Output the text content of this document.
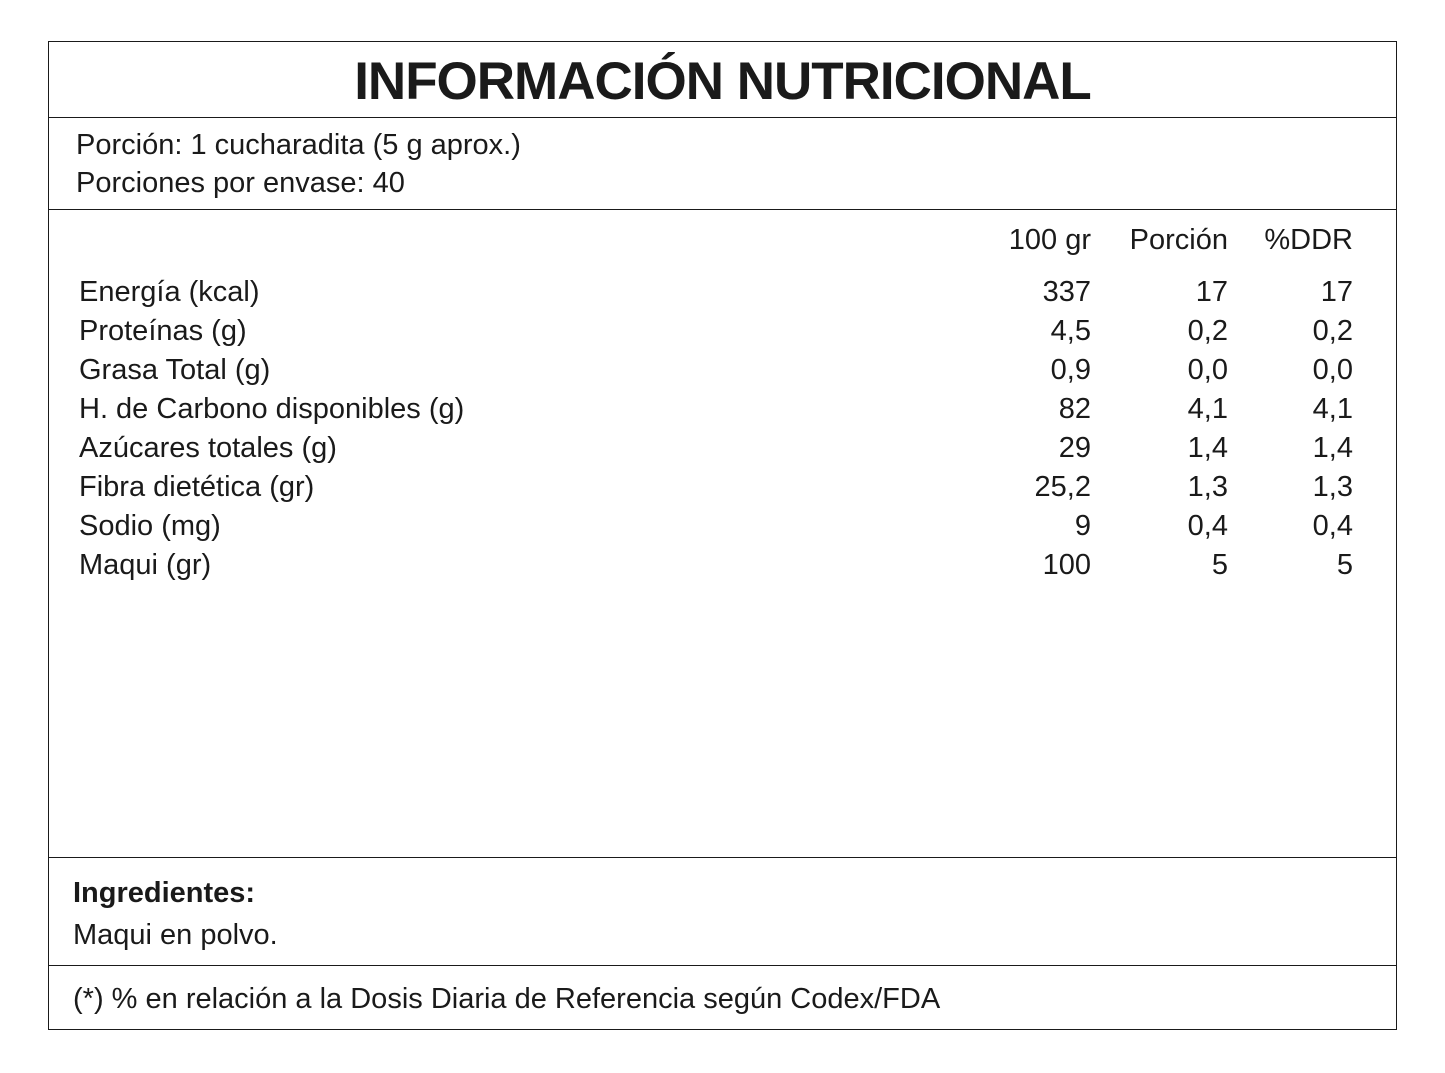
INFORMACIÓN NUTRICIONAL
Porción: 1 cucharadita (5 g aprox.)
Porciones por envase: 40
100 gr Porción %DDR
Energía (kcal)	337	17	17
Proteínas (g)	4,5	0,2	0,2
Grasa Total (g)	0,9	0,0	0,0
H. de Carbono disponibles (g)	82	4,1	4,1
Azúcares totales (g)	29	1,4	1,4
Fibra dietética (gr)	25,2	1,3	1,3
Sodio (mg)	9	0,4	0,4
Maqui (gr)	100	5	5
Ingredientes:
Maqui en polvo.
(*) % en relación a la Dosis Diaria de Referencia según Codex/FDA
